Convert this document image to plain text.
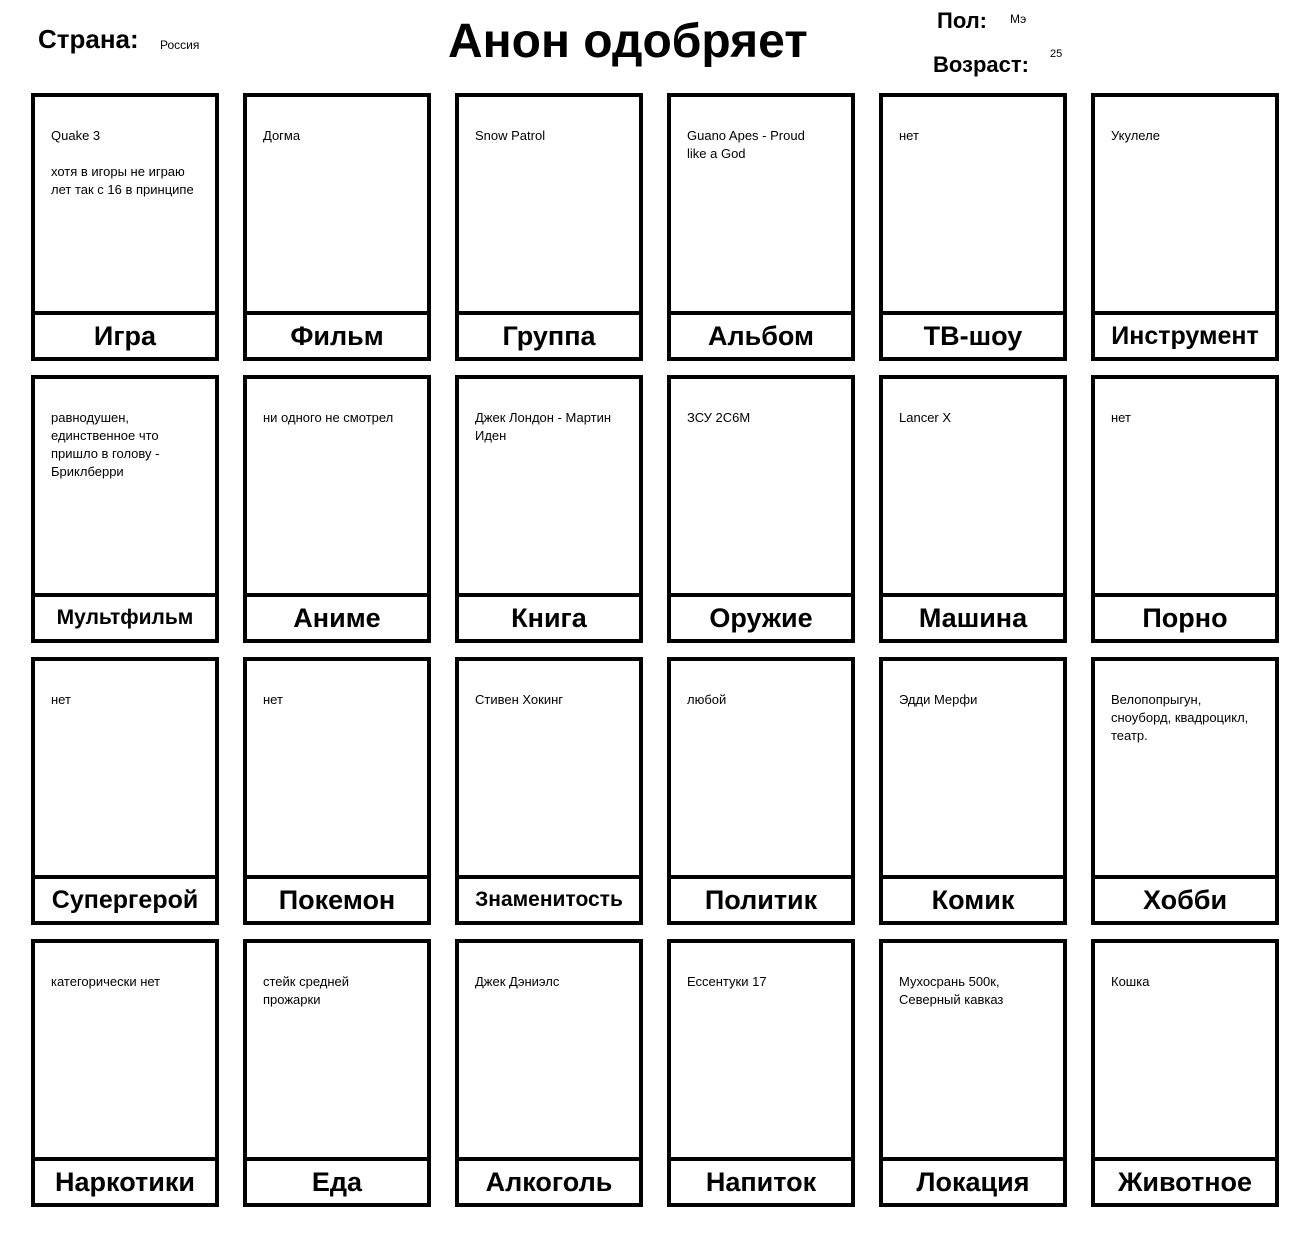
Анон одобряет
Страна: Россия
Пол: Мэ
Возраст: 25
Quake 3

хотя в игоры не играю
лет так с 16 в принципе
Игра
Догма
Фильм
Snow Patrol
Группа
Guano Apes - Proud
like a God
Альбом
нет
ТВ-шоу
Укулеле
Инструмент
равнодушен,
единственное что
пришло в голову -
Бриклберри
Мультфильм
ни одного не смотрел
Аниме
Джек Лондон - Мартин
Иден
Книга
ЗСУ 2С6М
Оружие
Lancer X
Машина
нет
Порно
нет
Супергерой
нет
Покемон
Стивен Хокинг
Знаменитость
любой
Политик
Эдди Мерфи
Комик
Велопопрыгун,
сноуборд, квадроцикл,
театр.
Хобби
категорически нет
Наркотики
стейк средней
прожарки
Еда
Джек Дэниэлс
Алкоголь
Ессентуки 17
Напиток
Мухосрань 500к,
Северный кавказ
Локация
Кошка
Животное
